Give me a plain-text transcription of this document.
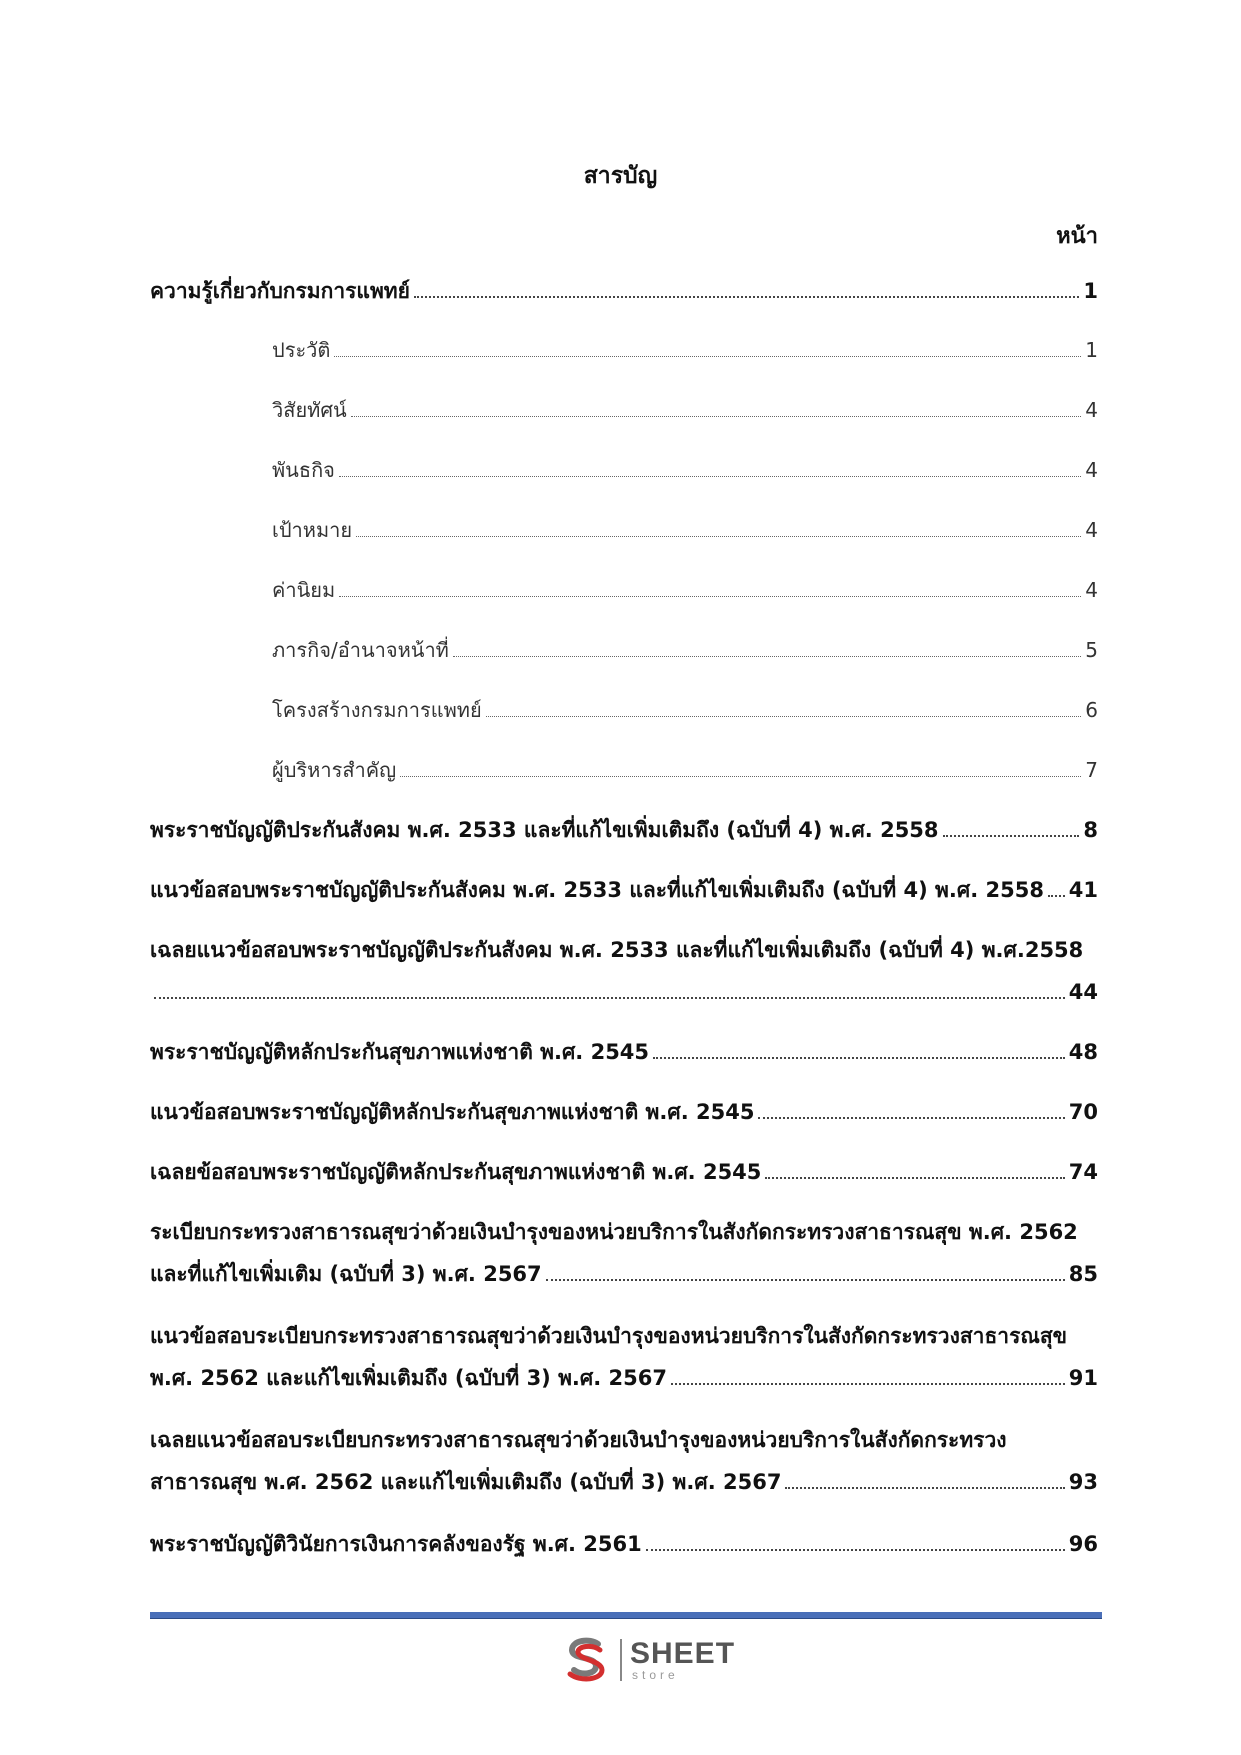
สารบัญ
หน้า
ความรู้เกี่ยวกับกรมการแพทย์	1
ประวัติ	1
วิสัยทัศน์	4
พันธกิจ	4
เป้าหมาย	4
ค่านิยม	4
ภารกิจ/อำนาจหน้าที่	5
โครงสร้างกรมการแพทย์	6
ผู้บริหารสำคัญ	7
พระราชบัญญัติประกันสังคม พ.ศ. 2533 และที่แก้ไขเพิ่มเติมถึง (ฉบับที่ 4) พ.ศ. 2558	8
แนวข้อสอบพระราชบัญญัติประกันสังคม พ.ศ. 2533 และที่แก้ไขเพิ่มเติมถึง (ฉบับที่ 4) พ.ศ. 2558 41
เฉลยแนวข้อสอบพระราชบัญญัติประกันสังคม พ.ศ. 2533 และที่แก้ไขเพิ่มเติมถึง (ฉบับที่ 4) พ.ศ.2558
44
พระราชบัญญัติหลักประกันสุขภาพแห่งชาติ พ.ศ. 2545	48
แนวข้อสอบพระราชบัญญัติหลักประกันสุขภาพแห่งชาติ พ.ศ. 2545	70
เฉลยข้อสอบพระราชบัญญัติหลักประกันสุขภาพแห่งชาติ พ.ศ. 2545	74
ระเบียบกระทรวงสาธารณสุขว่าด้วยเงินบำรุงของหน่วยบริการในสังกัดกระทรวงสาธารณสุข พ.ศ. 2562
และที่แก้ไขเพิ่มเติม (ฉบับที่ 3) พ.ศ. 2567	85
แนวข้อสอบระเบียบกระทรวงสาธารณสุขว่าด้วยเงินบำรุงของหน่วยบริการในสังกัดกระทรวงสาธารณสุข
พ.ศ. 2562 และแก้ไขเพิ่มเติมถึง (ฉบับที่ 3) พ.ศ. 2567	91
เฉลยแนวข้อสอบระเบียบกระทรวงสาธารณสุขว่าด้วยเงินบำรุงของหน่วยบริการในสังกัดกระทรวง
สาธารณสุข พ.ศ. 2562 และแก้ไขเพิ่มเติมถึง (ฉบับที่ 3) พ.ศ. 2567	93
พระราชบัญญัติวินัยการเงินการคลังของรัฐ พ.ศ. 2561	96
SHEET
store
